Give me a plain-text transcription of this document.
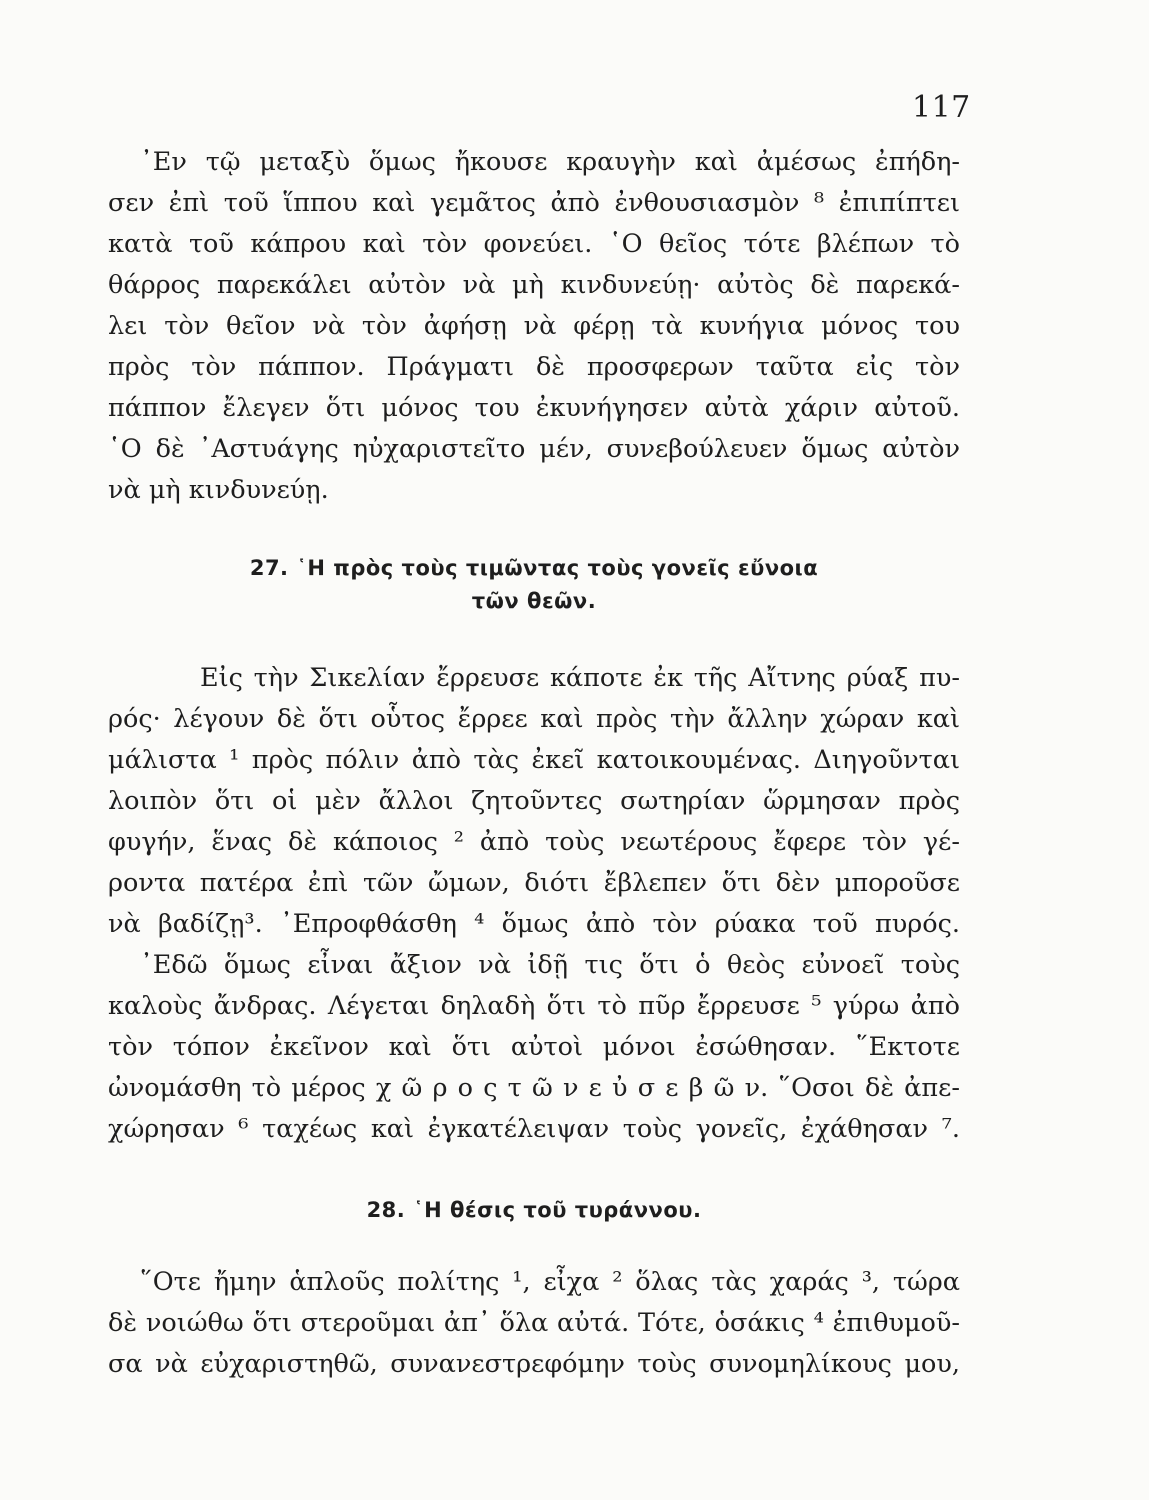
117
᾿Εν τῷ μεταξὺ ὅμως ἤκουσε κραυγὴν καὶ ἀμέσως ἐπήδη-
σεν ἐπὶ τοῦ ἵππου καὶ γεμᾶτος ἀπὸ ἐνθουσιασμὸν ⁸ ἐπιπίπτει
κατὰ τοῦ κάπρου καὶ τὸν φονεύει. ῾Ο θεῖος τότε βλέπων τὸ
θάρρος παρεκάλει αὐτὸν νὰ μὴ κινδυνεύῃ· αὐτὸς δὲ παρεκά-
λει τὸν θεῖον νὰ τὸν ἀφήσῃ νὰ φέρῃ τὰ κυνήγια μόνος του
πρὸς τὸν πάππον. Πράγματι δὲ προσφερων ταῦτα εἰς τὸν
πάππον ἔλεγεν ὅτι μόνος του ἐκυνήγησεν αὐτὰ χάριν αὐτοῦ.
῾Ο δὲ ᾿Αστυάγης ηὐχαριστεῖτο μέν, συνεβούλευεν ὅμως αὐτὸν
νὰ μὴ κινδυνεύῃ.
27. ῾Η πρὸς τοὺς τιμῶντας τοὺς γονεῖς εὔνοια
τῶν θεῶν.
Εἰς τὴν Σικελίαν ἔρρευσε κάποτε ἐκ τῆς Αἴτνης ρύαξ πυ-
ρός· λέγουν δὲ ὅτι οὗτος ἔρρεε καὶ πρὸς τὴν ἄλλην χώραν καὶ
μάλιστα ¹ πρὸς πόλιν ἀπὸ τὰς ἐκεῖ κατοικουμένας. Διηγοῦνται
λοιπὸν ὅτι οἱ μὲν ἄλλοι ζητοῦντες σωτηρίαν ὥρμησαν πρὸς
φυγήν, ἕνας δὲ κάποιος ² ἀπὸ τοὺς νεωτέρους ἔφερε τὸν γέ-
ροντα πατέρα ἐπὶ τῶν ὤμων, διότι ἔβλεπεν ὅτι δὲν μποροῦσε
νὰ βαδίζῃ³. ᾿Επροφθάσθη ⁴ ὅμως ἀπὸ τὸν ρύακα τοῦ πυρός.
᾿Εδῶ ὅμως εἶναι ἄξιον νὰ ἰδῇ τις ὅτι ὁ θεὸς εὐνοεῖ τοὺς
καλοὺς ἄνδρας. Λέγεται δηλαδὴ ὅτι τὸ πῦρ ἔρρευσε ⁵ γύρω ἀπὸ
τὸν τόπον ἐκεῖνον καὶ ὅτι αὐτοὶ μόνοι ἐσώθησαν. ῞Εκτοτε
ὠνομάσθη τὸ μέρος χ ῶ ρ ο ς τ ῶ ν ε ὐ σ ε β ῶ ν. ῞Οσοι δὲ ἀπε-
χώρησαν ⁶ ταχέως καὶ ἐγκατέλειψαν τοὺς γονεῖς, ἐχάθησαν ⁷.
28. ῾Η θέσις τοῦ τυράννου.
῞Οτε ἤμην ἁπλοῦς πολίτης ¹, εἶχα ² ὅλας τὰς χαράς ³, τώρα
δὲ νοιώθω ὅτι στεροῦμαι ἀπ᾿ ὅλα αὐτά. Τότε, ὁσάκις ⁴ ἐπιθυμοῦ-
σα νὰ εὐχαριστηθῶ, συνανεστρεφόμην τοὺς συνομηλίκους μου,
